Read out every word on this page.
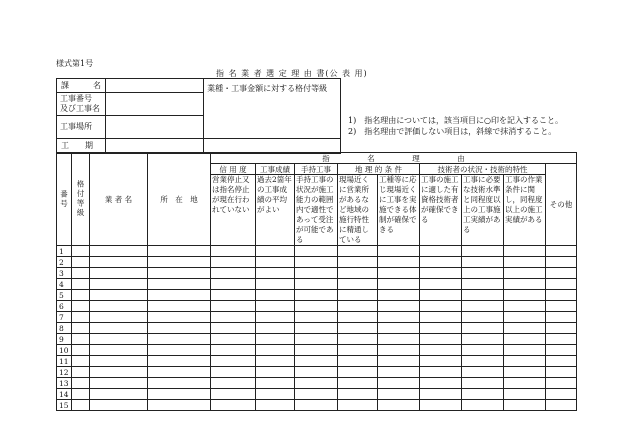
様式第1号
指 名 業 者 選 定 理 由 書(公 表 用)
課　　　名		業種・工事金額に対する格付等級
工事番号
及び工事名		
工事場所		
工　　期		
1)　指名理由については，該当項目に○印を記入すること。
2)　指名理由で評価しない項目は，斜線で抹消すること。
番号	格付等級	業 者 名	所　在　地	指　　　　　名　　　　　理　　　　　由								
				信 用 度	工事成績	手持工事	地 理 的 条 件		技術者の状況・技術的特性			その他
				営業停止又は指名停止が現在行われていない	過去2箇年の工事成績の平均がよい	手持工事の状況が施工能力の範囲内で適性であって受注が可能である	現場近くに営業所があるなど地域の施行特性に精通している	工種等に応じ現場近くに工事を実施できる体制が確保できる	工事の施工に適した有資格技術者が確保できる	工事に必要な技術水準と同程度以上の工事施工実績がある	工事の作業条件に関し，同程度以上の施工実績がある	
1												
2												
3												
4												
5												
6												
7												
8												
9												
10												
11												
12												
13												
14												
15												
